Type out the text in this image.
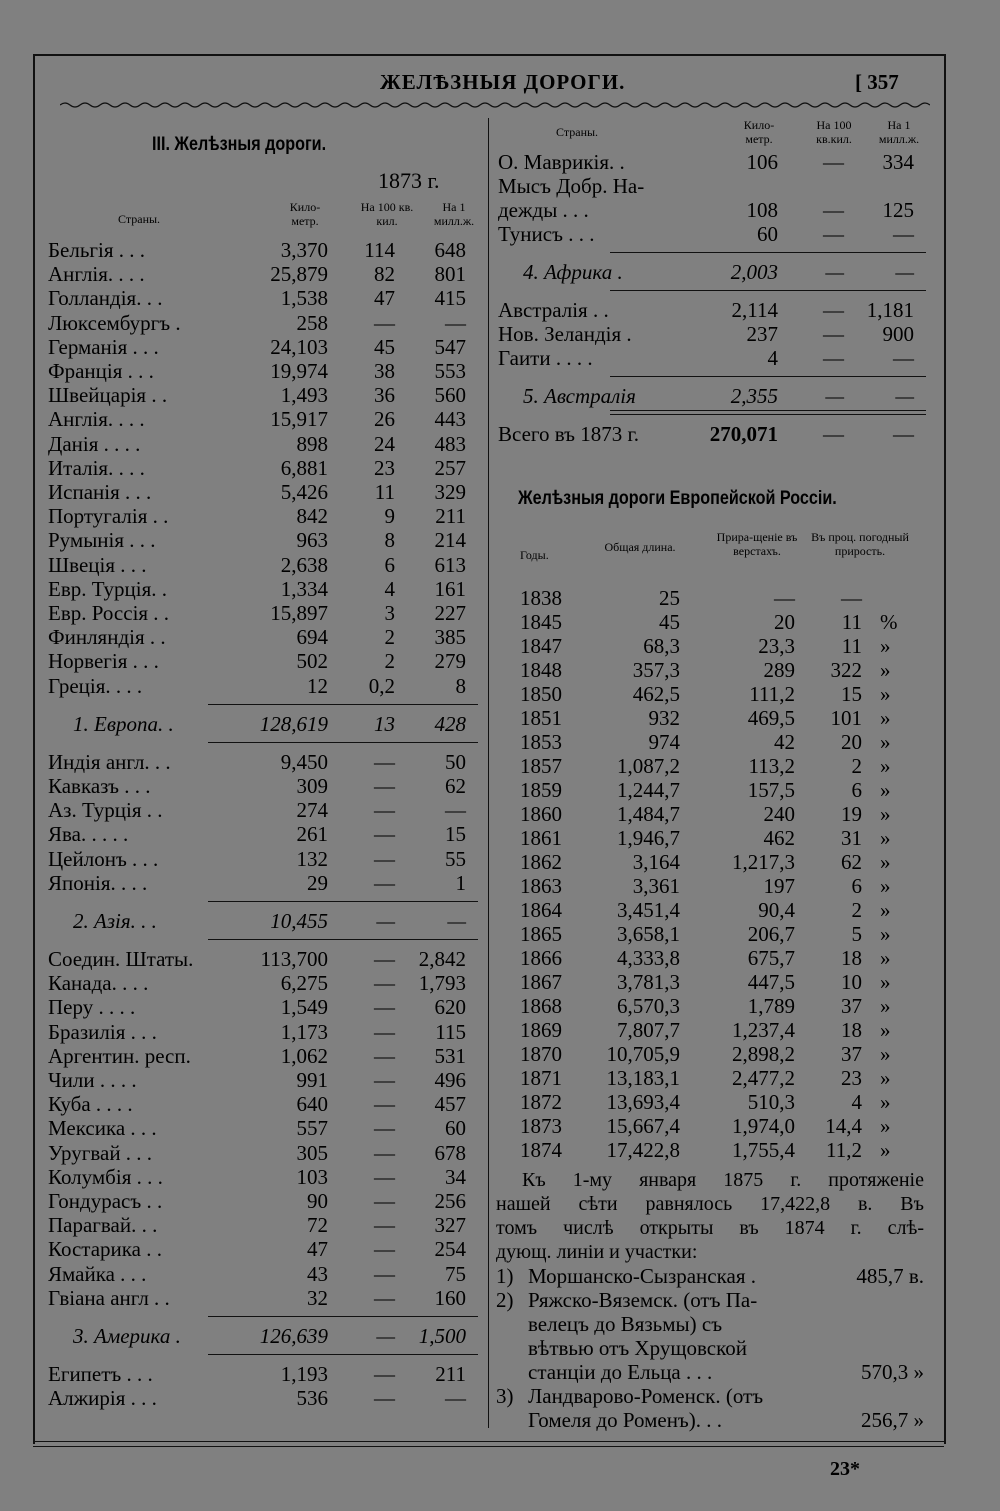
ЖЕЛѢЗНЫЯ ДОРОГИ.	[ 357
III. Желѣзныя дороги.
1873 г.
Страны.
Кило-метр.
На 100 кв. кил.
На 1 милл.ж.
Бельгія . . .	3,370	114	648
Англія. . . .	25,879	82	801
Голландія. . .	1,538	47	415
Люксембургъ .	258	—	—
Германія . . .	24,103	45	547
Франція . . .	19,974	38	553
Швейцарія . .	1,493	36	560
Англія. . . .	15,917	26	443
Данія . . . .	898	24	483
Италія. . . .	6,881	23	257
Испанія . . .	5,426	11	329
Португалія . .	842	9	211
Румынія . . .	963	8	214
Швеція . . .	2,638	6	613
Евр. Турція. .	1,334	4	161
Евр. Россія . .	15,897	3	227
Финляндія . .	694	2	385
Норвегія . . .	502	2	279
Греція. . . .	12	0,2	8
1. Европа. .	128,619	13	428
Индія англ. . .	9,450	—	50
Кавказъ . . .	309	—	62
Аз. Турція . .	274	—	—
Ява. . . . .	261	—	15
Цейлонъ . . .	132	—	55
Японія. . . .	29	—	1
2. Азія. . .	10,455	—	—
Соедин. Штаты.	113,700	—	2,842
Канада. . . .	6,275	—	1,793
Перу . . . .	1,549	—	620
Бразилія . . .	1,173	—	115
Аргентин. респ.	1,062	—	531
Чили . . . .	991	—	496
Куба . . . .	640	—	457
Мексика . . .	557	—	60
Уругвай . . .	305	—	678
Колумбія . . .	103	—	34
Гондурасъ . .	90	—	256
Парагвай. . .	72	—	327
Костарика . .	47	—	254
Ямайка . . .	43	—	75
Гвіана англ . .	32	—	160
3. Америка .	126,639	—	1,500
Египетъ . . .	1,193	—	211
Алжирія . . .	536	—	—
Страны.	Кило-метр.
На 100 кв.кил.
На 1 милл.ж.
О. Маврикія. .	106	—	334
Мысъ Добр. На-
дежды . . .	108	—	125
Тунисъ . . .	60	—	—
4. Африка .	2,003	—	—
Австралія . .	2,114	—	1,181
Нов. Зеландія .	237	—	900
Гаити . . . .	4	—	—
5. Австралія	2,355	—	—
Всего въ 1873 г.	270,071	—	—
Желѣзныя дороги Европейской Россіи.
Годы.
Общая длина.
Прира-щеніе въ верстахъ.
Въ проц. погодный прирость.
1838	25	—	—
1845	45	20	11 %
1847	68,3	23,3	11 »
1848	357,3	289	322 »
1850	462,5	111,2	15 »
1851	932	469,5	101 »
1853	974	42	20 »
1857	1,087,2	113,2	2 »
1859	1,244,7	157,5	6 »
1860	1,484,7	240	19 »
1861	1,946,7	462	31 »
1862	3,164	1,217,3	62 »
1863	3,361	197	6 »
1864	3,451,4	90,4	2 »
1865	3,658,1	206,7	5 »
1866	4,333,8	675,7	18 »
1867	3,781,3	447,5	10 »
1868	6,570,3	1,789	37 »
1869	7,807,7	1,237,4	18 »
1870	10,705,9	2,898,2	37 »
1871	13,183,1	2,477,2	23 »
1872	13,693,4	510,3	4 »
1873	15,667,4	1,974,0	14,4 »
1874	17,422,8	1,755,4	11,2 »
Къ 1-му января 1875 г. протяженіе
нашей сѣти равнялось 17,422,8 в. Въ
томъ числѣ открыты въ 1874 г. слѣ-
дующ. линіи и участки:
1) Моршанско-Сызранская .	485,7 в.
2) Ряжско-Вяземск. (отъ Па-
велецъ до Вязьмы) съ
вѣтвью отъ Хрущовской
станціи до Ельца . . .	570,3 »
3) Ландварово-Роменск. (отъ
Гомеля до Роменъ). . .	256,7 »
23*
